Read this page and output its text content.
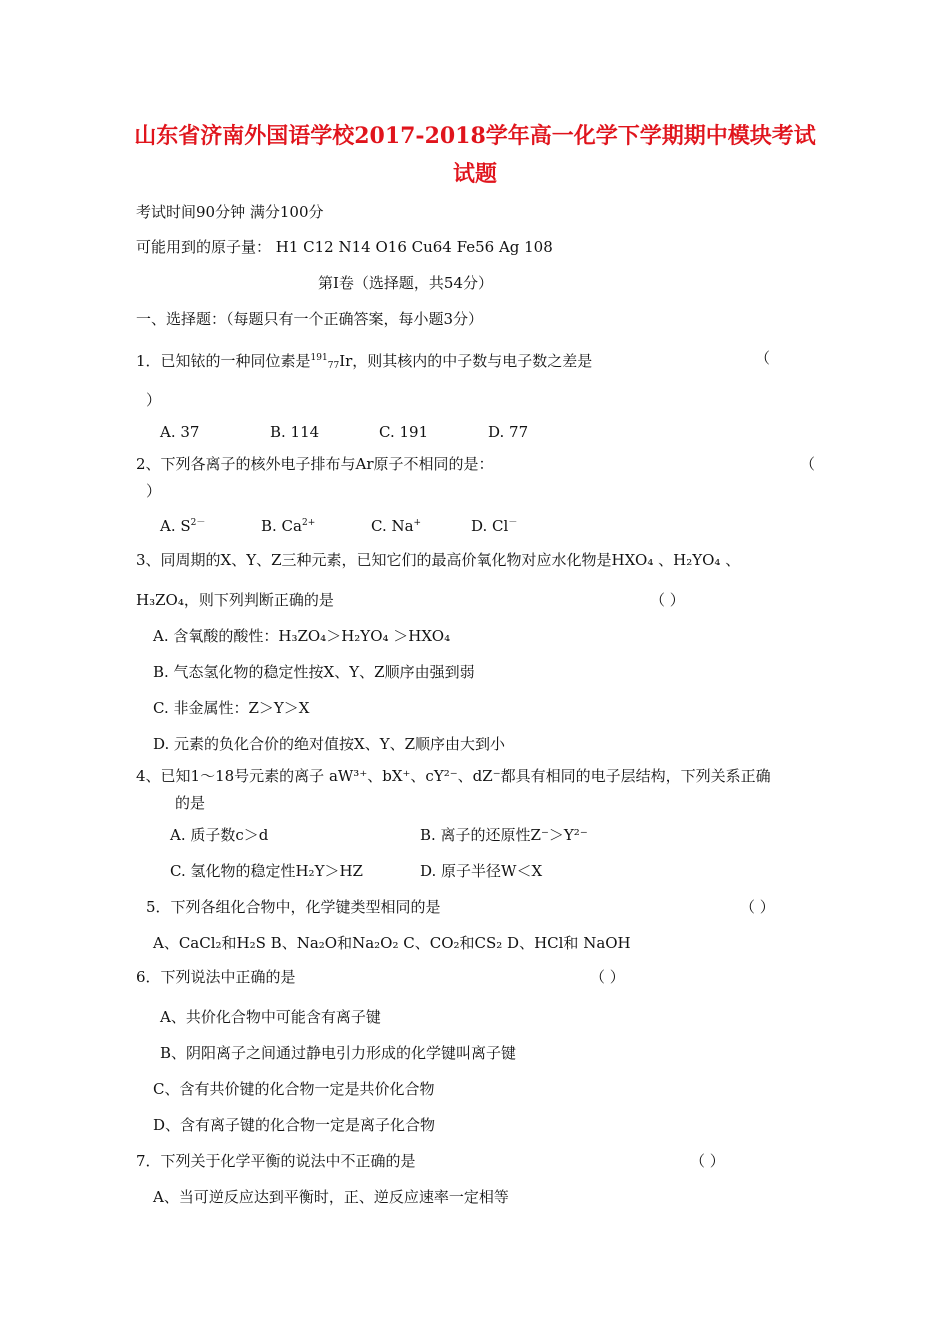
山东省济南外国语学校2017-2018学年高一化学下学期期中模块考试
试题
考试时间90分钟 满分100分
可能用到的原子量： H1 C12 N14 O16 Cu64 Fe56 Ag 108
第Ⅰ卷（选择题，共54分）
一、选择题：（每题只有一个正确答案，每小题3分）
1．已知铱的一种同位素是$^{191}_{77}$Ir，则其核内的中子数与电子数之差是	（
）
A. 37	B. 114	C. 191	D. 77
2、下列各离子的核外电子排布与Ar原子不相同的是：	（
）
A. $S^{2-}$	B. $Ca^{2+}$	C. Na+	D. Cl－
3、同周期的X、Y、Z三种元素，已知它们的最高价氧化物对应水化物是HXO₄ 、H₂YO₄ 、
H₃ZO₄，则下列判断正确的是	（ ）
A. 含氧酸的酸性：H₃ZO₄＞H₂YO₄ ＞HXO₄
B. 气态氢化物的稳定性按X、Y、Z顺序由强到弱
C. 非金属性：Z＞Y＞X
D. 元素的负化合价的绝对值按X、Y、Z顺序由大到小
4、已知1～18号元素的离子 aW³⁺、bX⁺、cY²⁻、dZ⁻都具有相同的电子层结构，下列关系正确
的是
A. 质子数c＞d	B. 离子的还原性Z⁻＞Y²⁻
C. 氢化物的稳定性H₂Y＞HZ	D. 原子半径W＜X
5．下列各组化合物中，化学键类型相同的是	（ ）
A、CaCl₂和H₂S B、Na₂O和Na₂O₂ C、CO₂和CS₂ D、HCl和 NaOH
6．下列说法中正确的是	（ ）
A、共价化合物中可能含有离子键
B、阴阳离子之间通过静电引力形成的化学键叫离子键
C、含有共价键的化合物一定是共价化合物
D、含有离子键的化合物一定是离子化合物
7．下列关于化学平衡的说法中不正确的是	（ ）
A、当可逆反应达到平衡时，正、逆反应速率一定相等
